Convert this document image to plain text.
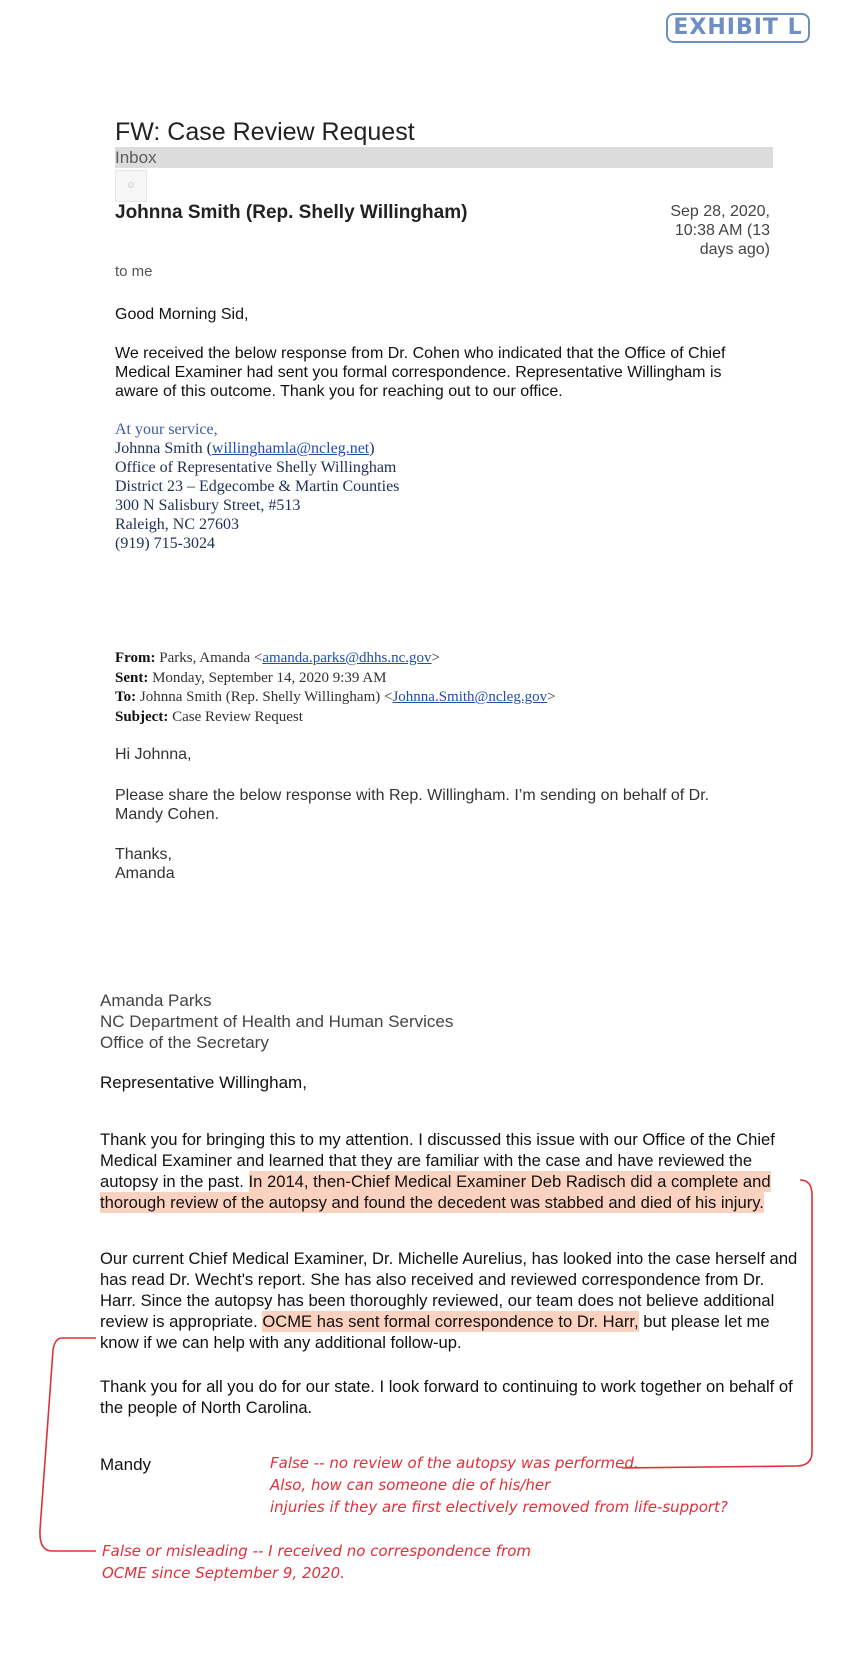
EXHIBIT L
FW: Case Review Request
Inbox
☺
Johnna Smith (Rep. Shelly Willingham)	Sep 28, 2020,
10:38 AM (13
days ago)
to me
Good Morning Sid,
We received the below response from Dr. Cohen who indicated that the Office of Chief
Medical Examiner had sent you formal correspondence. Representative Willingham is
aware of this outcome. Thank you for reaching out to our office.
At your service,
Johnna Smith (willinghamla@ncleg.net)
Office of Representative Shelly Willingham
District 23 – Edgecombe & Martin Counties
300 N Salisbury Street, #513
Raleigh, NC 27603
(919) 715-3024
From: Parks, Amanda <amanda.parks@dhhs.nc.gov>
Sent: Monday, September 14, 2020 9:39 AM
To: Johnna Smith (Rep. Shelly Willingham) <Johnna.Smith@ncleg.gov>
Subject: Case Review Request
Hi Johnna,
Please share the below response with Rep. Willingham. I’m sending on behalf of Dr.
Mandy Cohen.
Thanks,
Amanda
Amanda Parks
NC Department of Health and Human Services
Office of the Secretary
Representative Willingham,
Thank you for bringing this to my attention. I discussed this issue with our Office of the Chief Medical Examiner and learned that they are familiar with the case and have reviewed the autopsy in the past. In 2014, then-Chief Medical Examiner Deb Radisch did a complete and thorough review of the autopsy and found the decedent was stabbed and died of his injury.
Our current Chief Medical Examiner, Dr. Michelle Aurelius, has looked into the case herself and has read Dr. Wecht's report. She has also received and reviewed correspondence from Dr. Harr. Since the autopsy has been thoroughly reviewed, our team does not believe additional review is appropriate. OCME has sent formal correspondence to Dr. Harr, but please let me know if we can help with any additional follow-up.
Thank you for all you do for our state. I look forward to continuing to work together on behalf of the people of North Carolina.
Mandy	False -- no review of the autopsy was performed.
Also, how can someone die of his/her
injuries if they are first electively removed from life-support?
False or misleading -- I received no correspondence from
OCME since September 9, 2020.
